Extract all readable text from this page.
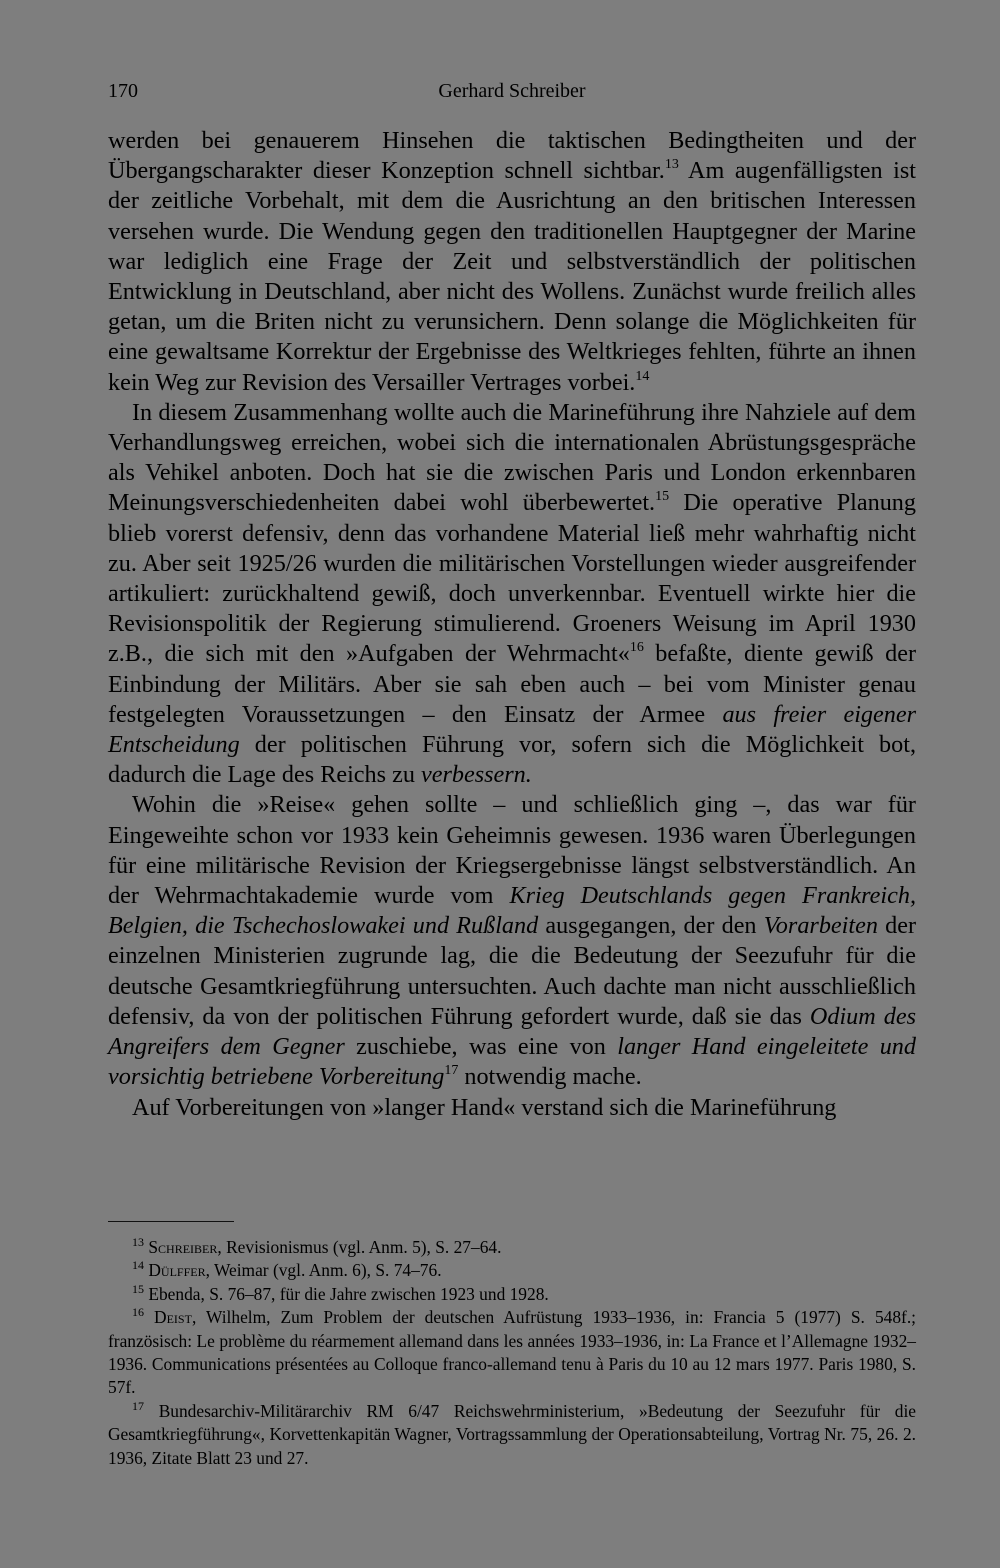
170	Gerhard Schreiber

werden bei genauerem Hinsehen die taktischen Bedingtheiten und der Übergangscharakter dieser Konzeption schnell sichtbar.$^{13}$ Am augenfälligsten ist der zeitliche Vorbehalt, mit dem die Ausrichtung an den britischen Interessen versehen wurde. Die Wendung gegen den traditionellen Hauptgegner der Marine war lediglich eine Frage der Zeit und selbstverständlich der politischen Entwicklung in Deutschland, aber nicht des Wollens. Zunächst wurde freilich alles getan, um die Briten nicht zu verunsichern. Denn solange die Möglichkeiten für eine gewaltsame Korrektur der Ergebnisse des Weltkrieges fehlten, führte an ihnen kein Weg zur Revision des Versailler Vertrages vorbei.$^{14}$

In diesem Zusammenhang wollte auch die Marineführung ihre Nahziele auf dem Verhandlungsweg erreichen, wobei sich die internationalen Abrüstungsgespräche als Vehikel anboten. Doch hat sie die zwischen Paris und London erkennbaren Meinungsverschiedenheiten dabei wohl überbewertet.$^{15}$ Die operative Planung blieb vorerst defensiv, denn das vorhandene Material ließ mehr wahrhaftig nicht zu. Aber seit 1925/26 wurden die militärischen Vorstellungen wieder ausgreifender artikuliert: zurückhaltend gewiß, doch unverkennbar. Eventuell wirkte hier die Revisionspolitik der Regierung stimulierend. Groeners Weisung im April 1930 z.B., die sich mit den »Aufgaben der Wehrmacht«$^{16}$ befaßte, diente gewiß der Einbindung der Militärs. Aber sie sah eben auch – bei vom Minister genau festgelegten Voraussetzungen – den Einsatz der Armee aus freier eigener Entscheidung der politischen Führung vor, sofern sich die Möglichkeit bot, dadurch die Lage des Reichs zu verbessern.

Wohin die »Reise« gehen sollte – und schließlich ging –, das war für Eingeweihte schon vor 1933 kein Geheimnis gewesen. 1936 waren Überlegungen für eine militärische Revision der Kriegsergebnisse längst selbstverständlich. An der Wehrmachtakademie wurde vom Krieg Deutschlands gegen Frankreich, Belgien, die Tschechoslowakei und Rußland ausgegangen, der den Vorarbeiten der einzelnen Ministerien zugrunde lag, die die Bedeutung der Seezufuhr für die deutsche Gesamtkriegführung untersuchten. Auch dachte man nicht ausschließlich defensiv, da von der politischen Führung gefordert wurde, daß sie das Odium des Angreifers dem Gegner zuschiebe, was eine von langer Hand eingeleitete und vorsichtig betriebene Vorbereitung$^{17}$ notwendig mache.

Auf Vorbereitungen von »langer Hand« verstand sich die Marineführung

$^{13}$ Schreiber, Revisionismus (vgl. Anm. 5), S. 27–64.

$^{14}$ Dülffer, Weimar (vgl. Anm. 6), S. 74–76.

$^{15}$ Ebenda, S. 76–87, für die Jahre zwischen 1923 und 1928.

$^{16}$ Deist, Wilhelm, Zum Problem der deutschen Aufrüstung 1933–1936, in: Francia 5 (1977) S. 548f.; französisch: Le problème du réarmement allemand dans les années 1933–1936, in: La France et l’Allemagne 1932–1936. Communications présentées au Colloque franco-allemand tenu à Paris du 10 au 12 mars 1977. Paris 1980, S. 57f.

$^{17}$ Bundesarchiv-Militärarchiv RM 6/47 Reichswehrministerium, »Bedeutung der Seezufuhr für die Gesamtkriegführung«, Korvettenkapitän Wagner, Vortragssammlung der Operationsabteilung, Vortrag Nr. 75, 26. 2. 1936, Zitate Blatt 23 und 27.
